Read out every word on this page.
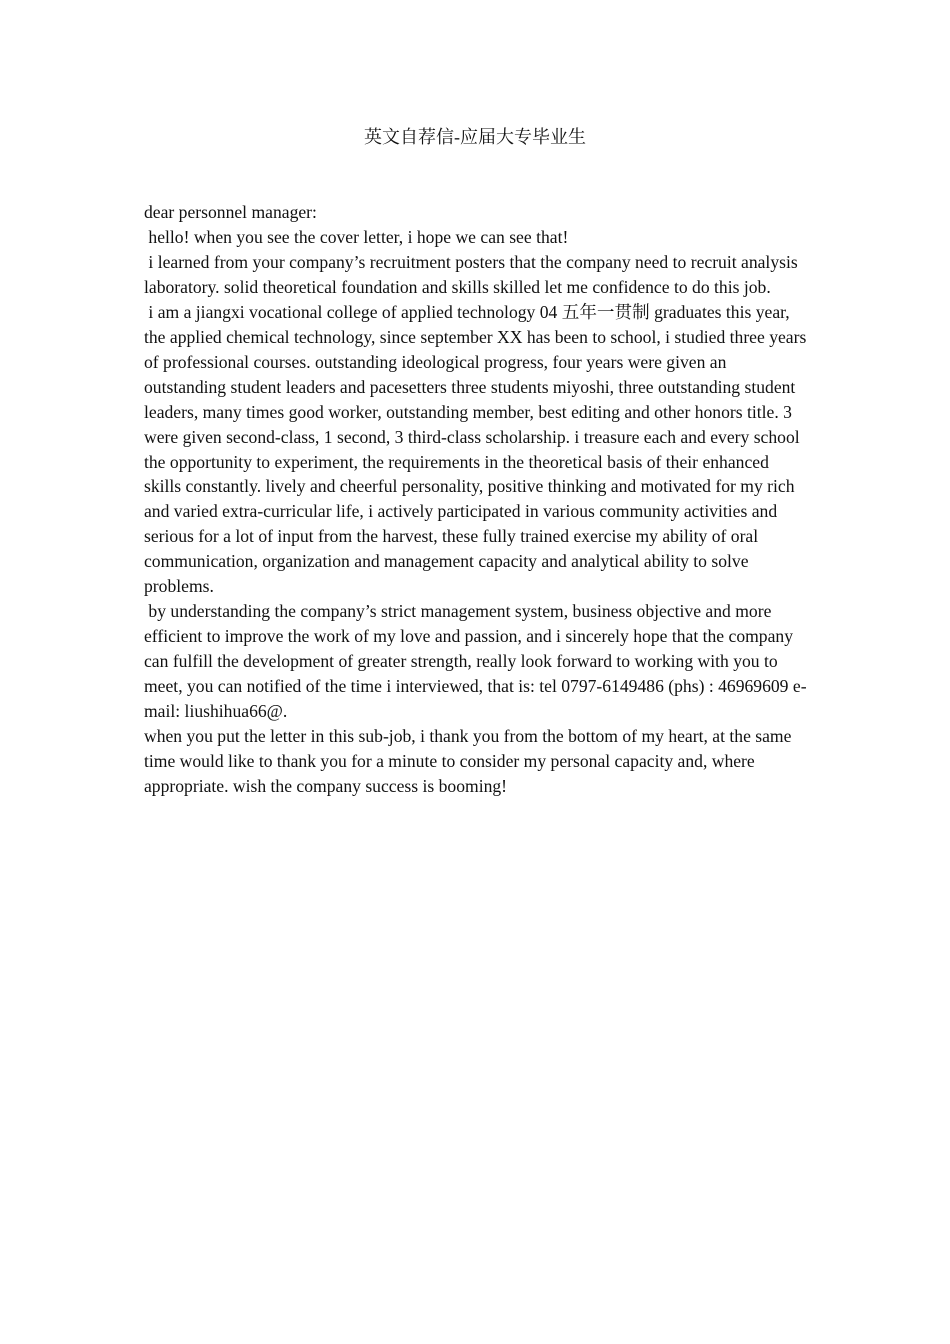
英文自荐信-应届大专毕业生

dear personnel manager:

hello! when you see the cover letter, i hope we can see that!

i learned from your company’s recruitment posters that the company need to recruit analysis laboratory. solid theoretical foundation and skills skilled let me confidence to do this job.

i am a jiangxi vocational college of applied technology 04 五年一贯制 graduates this year, the applied chemical technology, since september XX has been to school, i studied three years of professional courses. outstanding ideological progress, four years were given an outstanding student leaders and pacesetters three students miyoshi, three outstanding student leaders, many times good worker, outstanding member, best editing and other honors title. 3 were given second-class, 1 second, 3 third-class scholarship. i treasure each and every school the opportunity to experiment, the requirements in the theoretical basis of their enhanced skills constantly. lively and cheerful personality, positive thinking and motivated for my rich and varied extra-curricular life, i actively participated in various community activities and serious for a lot of input from the harvest, these fully trained exercise my ability of oral communication, organization and management capacity and analytical ability to solve problems.

by understanding the company’s strict management system, business objective and more efficient to improve the work of my love and passion, and i sincerely hope that the company can fulfill the development of greater strength, really look forward to working with you to meet, you can notified of the time i interviewed, that is: tel 0797-6149486 (phs) : 46969609 e-mail: liushihua66@.

when you put the letter in this sub-job, i thank you from the bottom of my heart, at the same time would like to thank you for a minute to consider my personal capacity and, where appropriate. wish the company success is booming!
